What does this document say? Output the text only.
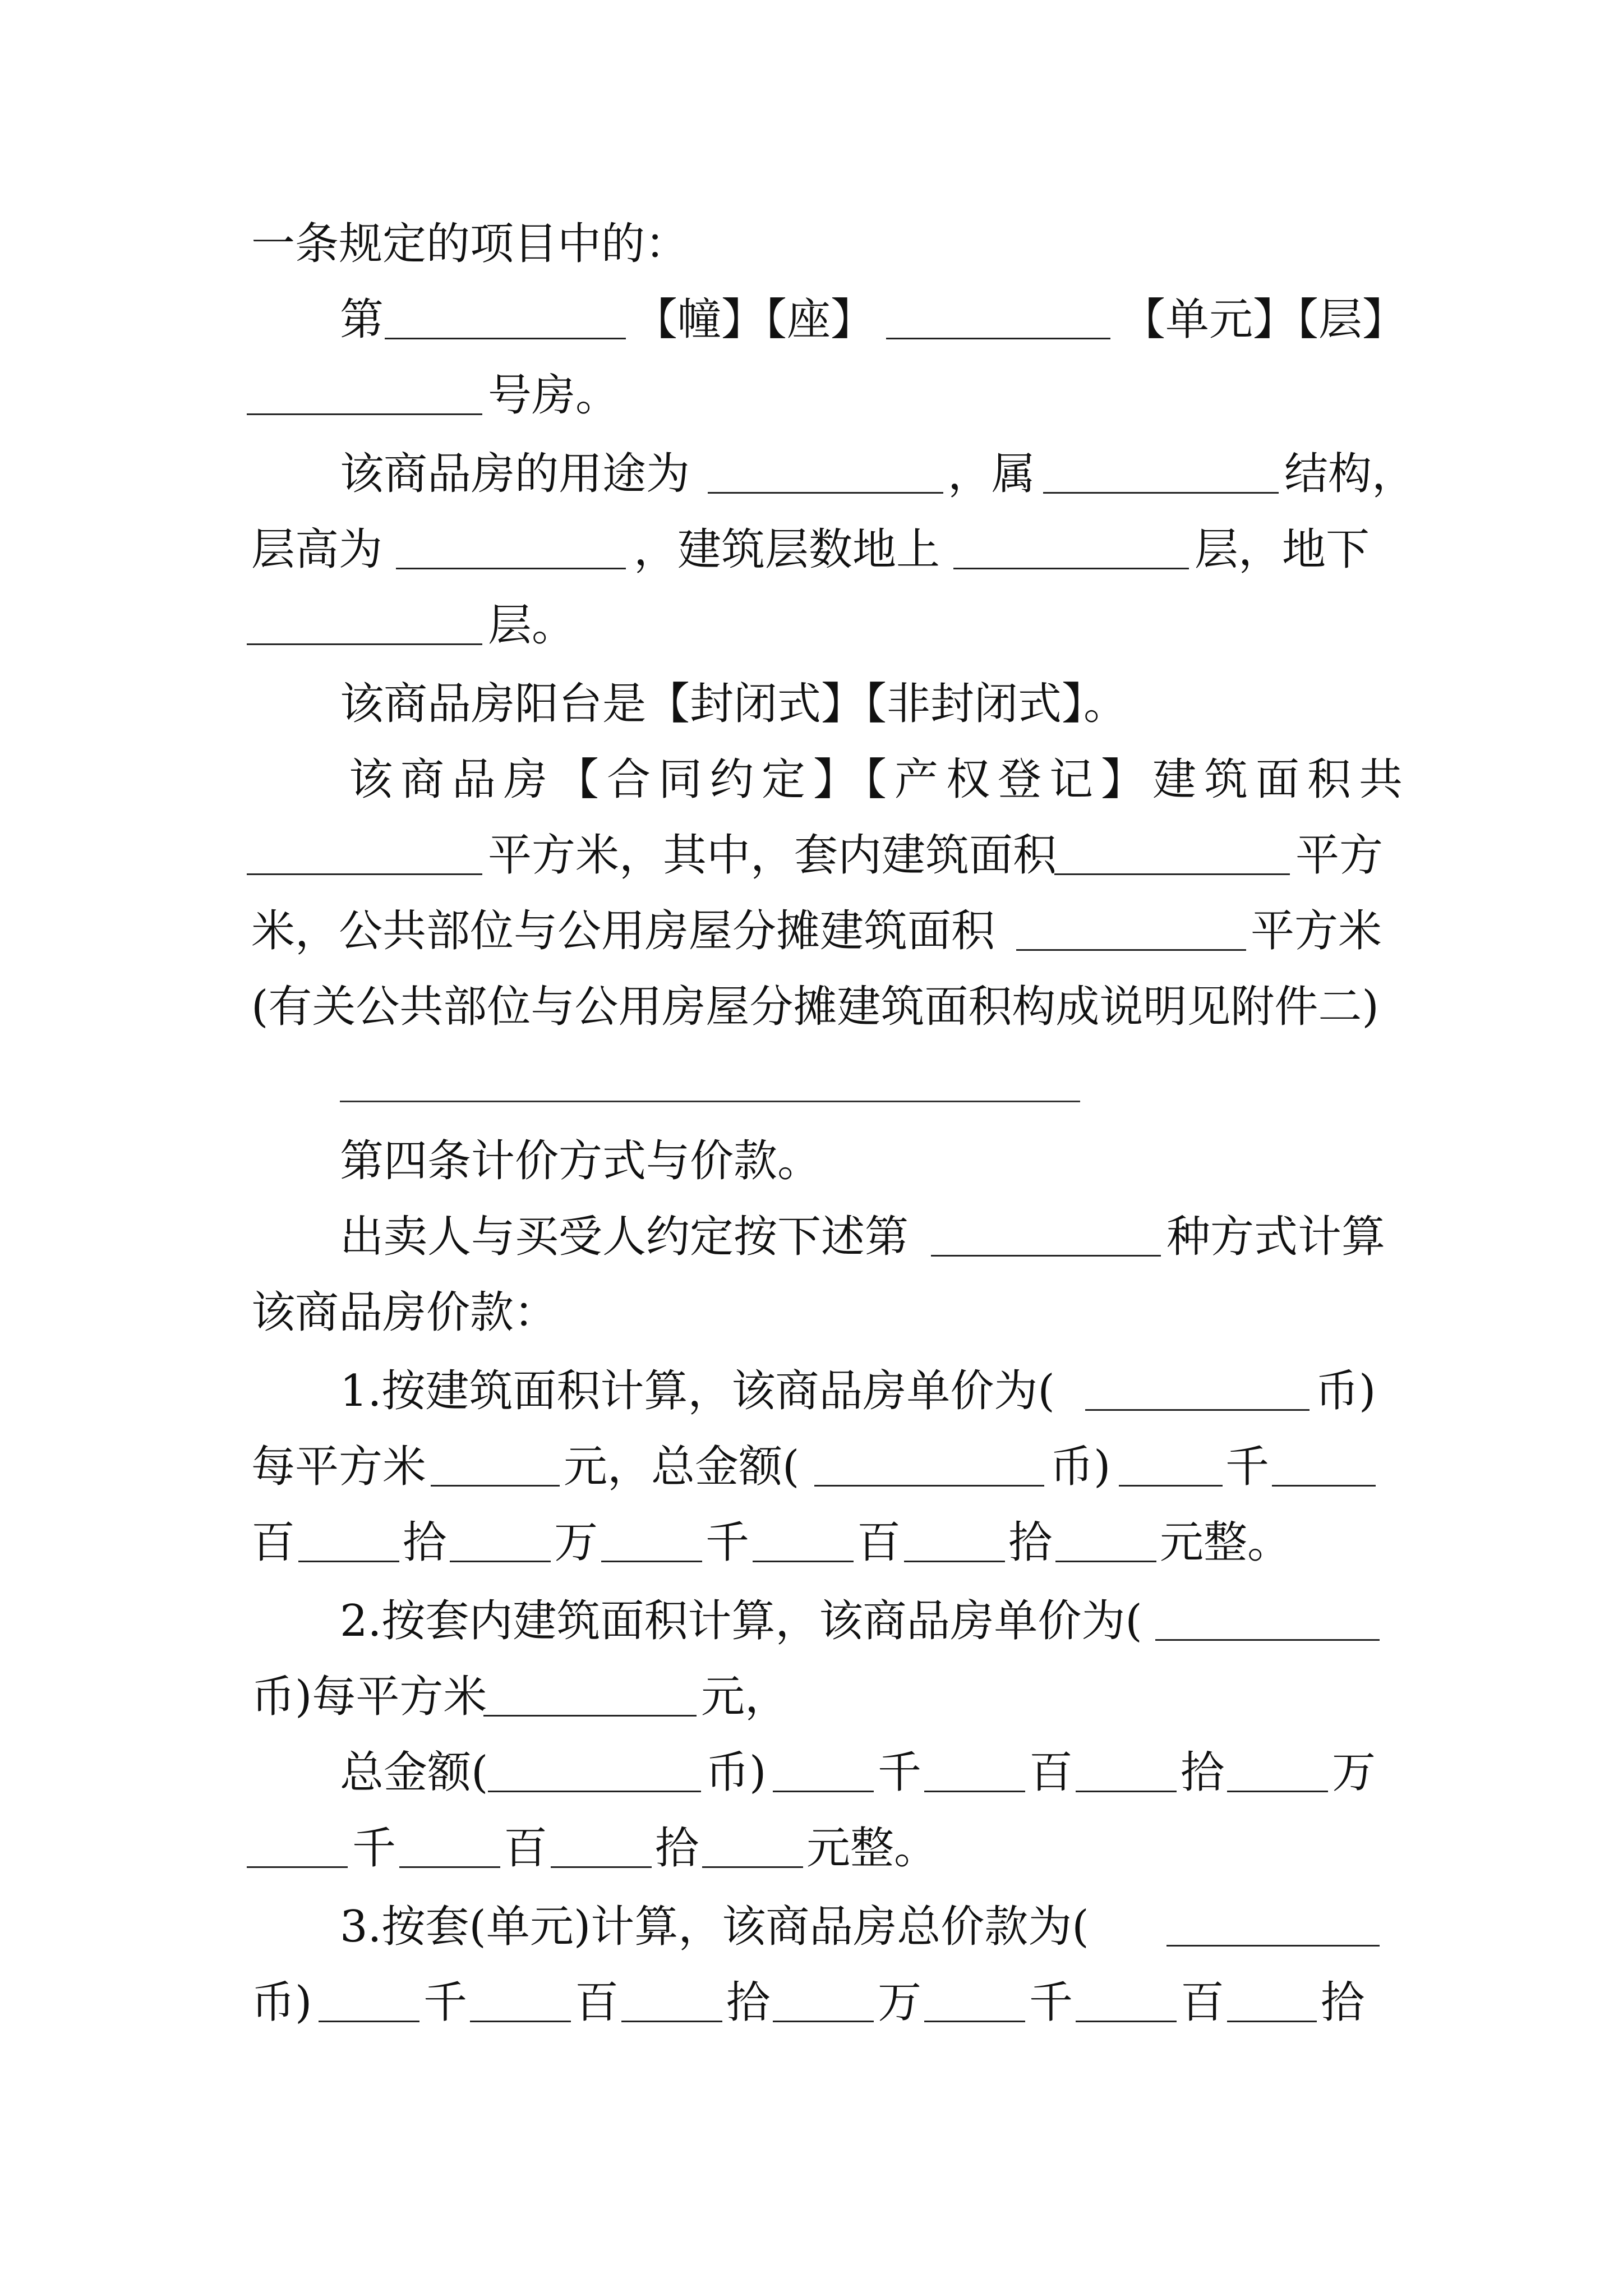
一条规定的项目中的：
第	【幢】【座】	【单元】【层】
号房。
该商品房的用途为	，属	结构，
层高为	，建筑层数地上	层，地下
层。
该商品房阳台是【封闭式】【非封闭式】。
该商品房【合同约定】【产权登记】建筑面积共
平方米，其中，套内建筑面积	平方
米，公共部位与公用房屋分摊建筑面积	平方米
(有关公共部位与公用房屋分摊建筑面积构成说明见附件二)
第四条计价方式与价款。
出卖人与买受人约定按下述第	种方式计算
该商品房价款：
1.按建筑面积计算，该商品房单价为(	币)
每平方米	元，总金额(	币)	千
百 拾 万 千 百 拾 元整。
2.按套内建筑面积计算，该商品房单价为(
币)每平方米	元，
总金额(	币)	千 百 拾 万
千 百 拾 元整。
3.按套(单元)计算，该商品房总价款为(
币)	千 百 拾 万 千 百 拾
